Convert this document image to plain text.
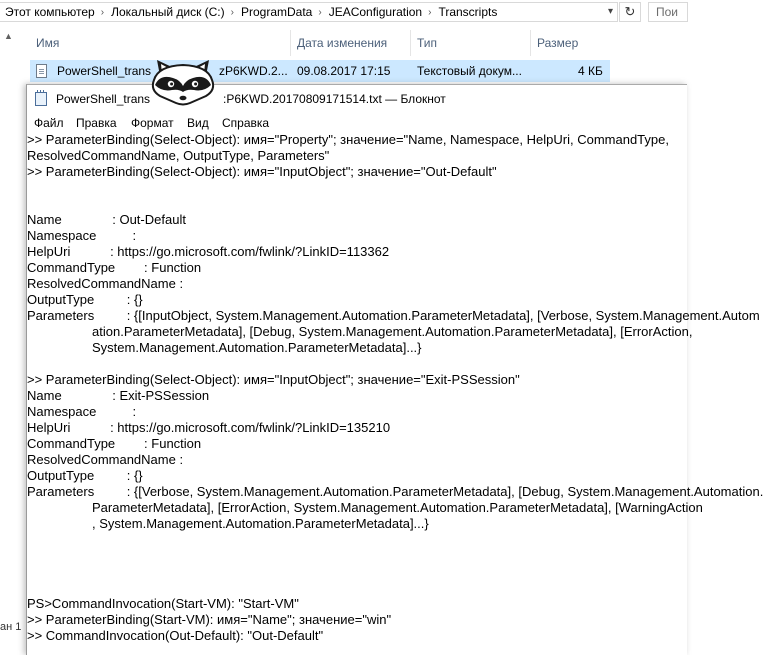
Этот компьютер › Локальный диск (C:) › ProgramData › JEAConfiguration › Transcripts	▾ ↻	Пои
▲ Имя	Дата изменения Тип	Размер
PowerShell_trans	zP6KWD.2... 09.08.2017 17:15 Текстовый докум...	4 КБ
ан 1
PowerShell_trans	:P6KWD.20170809171514.txt — Блокнот
Файл Правка Формат Вид Справка
>> ParameterBinding(Select-Object): имя="Property"; значение="Name, Namespace, HelpUri, CommandType,
ResolvedCommandName, OutputType, Parameters"
>> ParameterBinding(Select-Object): имя="InputObject"; значение="Out-Default"

Name              : Out-Default
Namespace          :
HelpUri           : https://go.microsoft.com/fwlink/?LinkID=113362
CommandType        : Function
ResolvedCommandName :
OutputType         : {}
Parameters         : {[InputObject, System.Management.Automation.ParameterMetadata], [Verbose, System.Management.Autom
ation.ParameterMetadata], [Debug, System.Management.Automation.ParameterMetadata], [ErrorAction,
System.Management.Automation.ParameterMetadata]...}

>> ParameterBinding(Select-Object): имя="InputObject"; значение="Exit-PSSession"
Name              : Exit-PSSession
Namespace          :
HelpUri           : https://go.microsoft.com/fwlink/?LinkID=135210
CommandType        : Function
ResolvedCommandName :
OutputType         : {}
Parameters         : {[Verbose, System.Management.Automation.ParameterMetadata], [Debug, System.Management.Automation.
ParameterMetadata], [ErrorAction, System.Management.Automation.ParameterMetadata], [WarningAction
, System.Management.Automation.ParameterMetadata]...}

PS>CommandInvocation(Start-VM): "Start-VM"
>> ParameterBinding(Start-VM): имя="Name"; значение="win"
>> CommandInvocation(Out-Default): "Out-Default"
